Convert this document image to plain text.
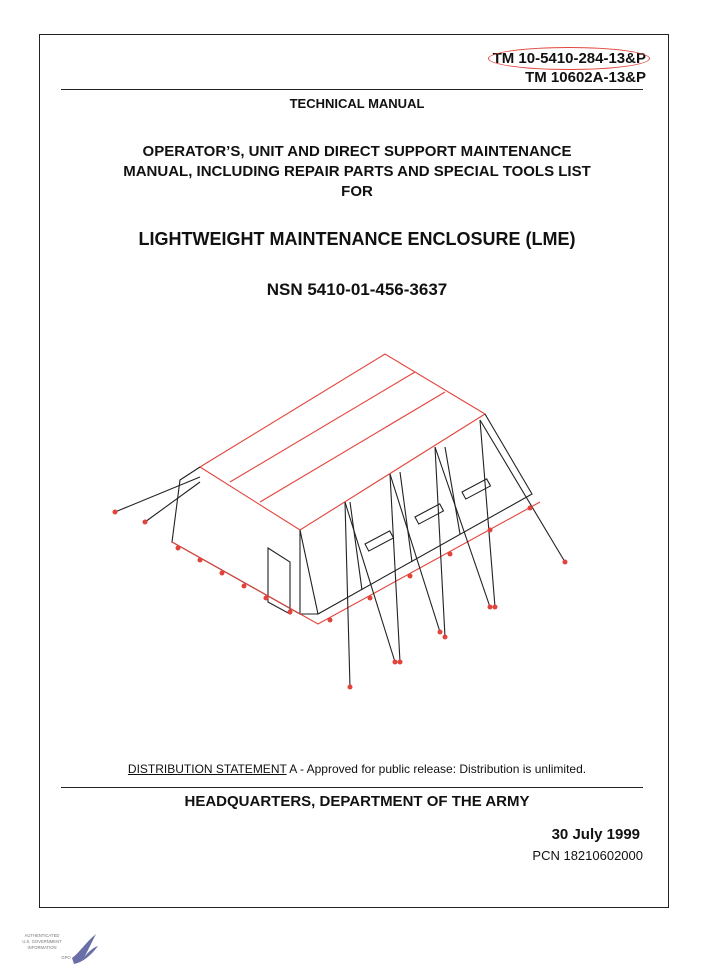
TM 10-5410-284-13&P
TM 10602A-13&P
TECHNICAL MANUAL
OPERATOR’S, UNIT AND DIRECT SUPPORT MAINTENANCE
MANUAL, INCLUDING REPAIR PARTS AND SPECIAL TOOLS LIST
FOR
LIGHTWEIGHT MAINTENANCE ENCLOSURE (LME)
NSN 5410-01-456-3637
DISTRIBUTION STATEMENT A - Approved for public release: Distribution is unlimited.
HEADQUARTERS, DEPARTMENT OF THE ARMY
30 July 1999
PCN 18210602000
AUTHENTICATED
U.S. GOVERNMENT
INFORMATION
GPO
